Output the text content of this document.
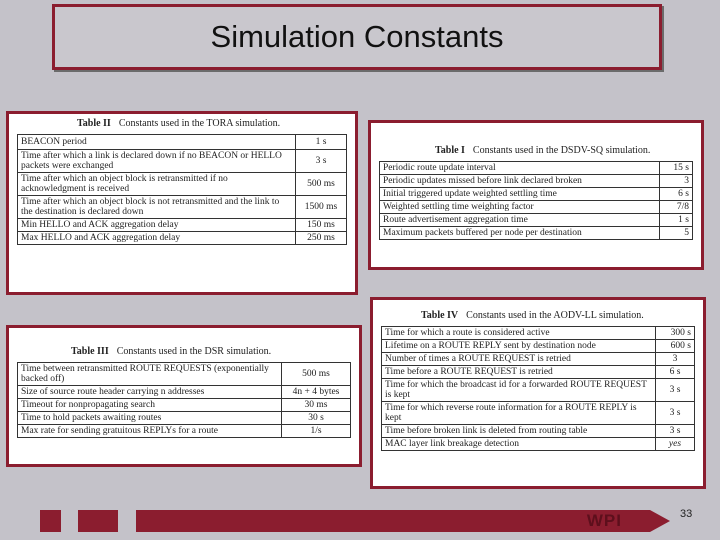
Simulation Constants
Table II Constants used in the TORA simulation.
BEACON period	1 s
Time after which a link is declared down if no BEACON or HELLO packets were exchanged	3 s
Time after which an object block is retransmitted if no acknowledgment is received	500 ms
Time after which an object block is not retransmitted and the link to the destination is declared down	1500 ms
Min HELLO and ACK aggregation delay	150 ms
Max HELLO and ACK aggregation delay	250 ms
Table I Constants used in the DSDV-SQ simulation.
Periodic route update interval	15 s
Periodic updates missed before link declared broken	3
Initial triggered update weighted settling time	6 s
Weighted settling time weighting factor	7/8
Route advertisement aggregation time	1 s
Maximum packets buffered per node per destination	5
Table III Constants used in the DSR simulation.
Time between retransmitted ROUTE REQUESTS (exponentially backed off)	500 ms
Size of source route header carrying n addresses	4n + 4 bytes
Timeout for nonpropagating search	30 ms
Time to hold packets awaiting routes	30 s
Max rate for sending gratuitous REPLYs for a route	1/s
Table IV Constants used in the AODV-LL simulation.
Time for which a route is considered active	300 s
Lifetime on a ROUTE REPLY sent by destination node	600 s
Number of times a ROUTE REQUEST is retried	3
Time before a ROUTE REQUEST is retried	6 s
Time for which the broadcast id for a forwarded ROUTE REQUEST is kept	3 s
Time for which reverse route information for a ROUTE REPLY is kept	3 s
Time before broken link is deleted from routing table	3 s
MAC layer link breakage detection	yes
WPI	33
